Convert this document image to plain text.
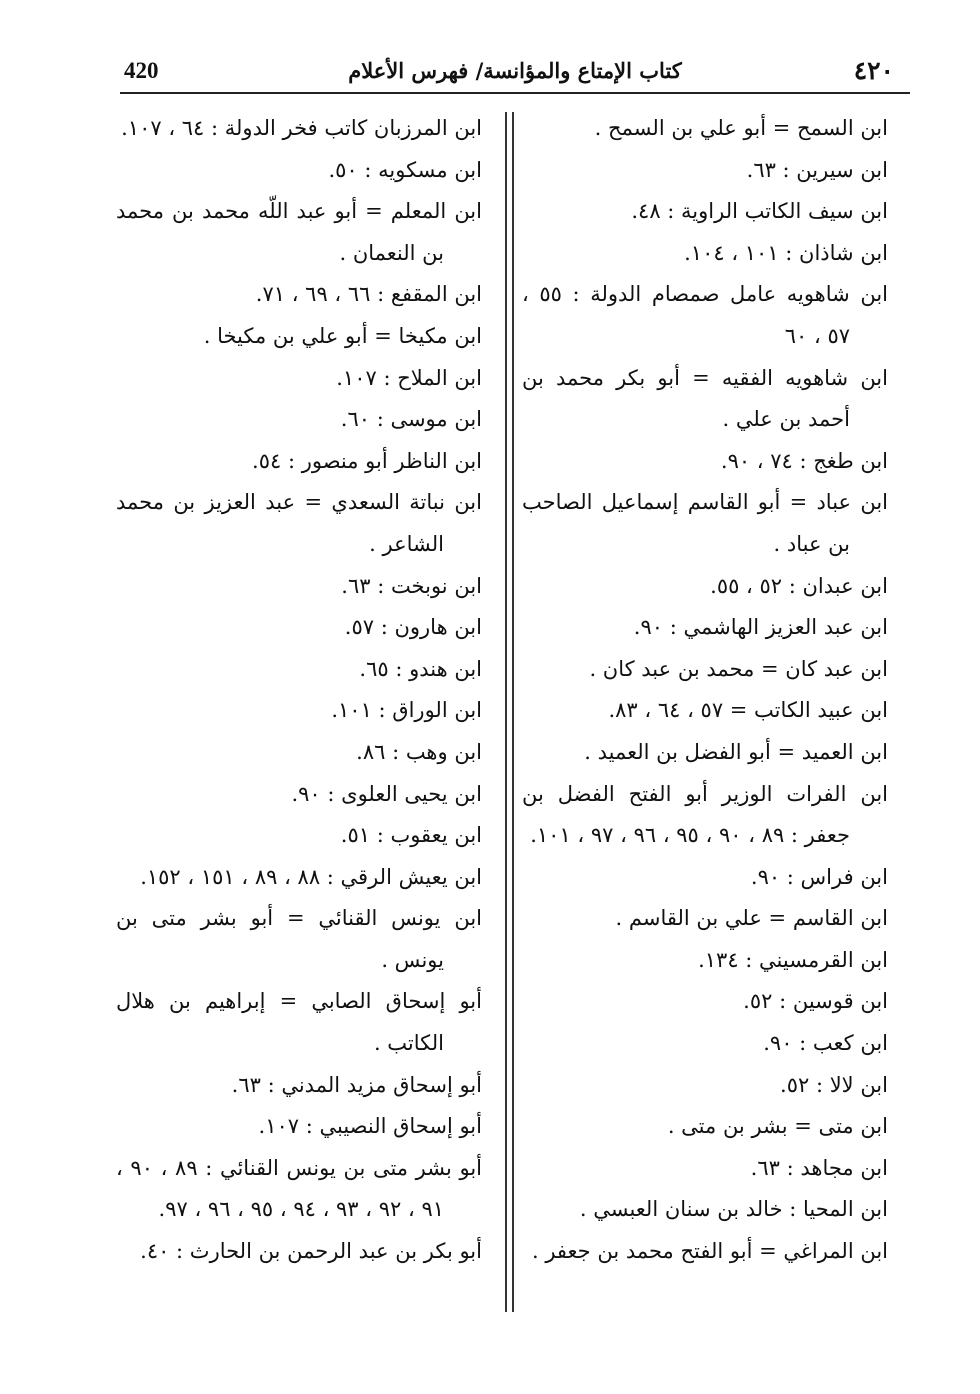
420	كتاب الإمتاع والمؤانسة/ فهرس الأعلام	٤٢٠

ابن السمح = أبو علي بن السمح .

ابن سيرين : ٦٣.

ابن سيف الكاتب الراوية : ٤٨.

ابن شاذان : ١٠١ ، ١٠٤.

ابن شاهويه عامل صمصام الدولة : ٥٥ ، ٥٧ ، ٦٠

ابن شاهويه الفقيه = أبو بكر محمد بن أحمد بن علي .

ابن طغج : ٧٤ ، ٩٠.

ابن عباد = أبو القاسم إسماعيل الصاحب بن عباد .

ابن عبدان : ٥٢ ، ٥٥.

ابن عبد العزيز الهاشمي : ٩٠.

ابن عبد كان = محمد بن عبد كان .

ابن عبيد الكاتب = ٥٧ ، ٦٤ ، ٨٣.

ابن العميد = أبو الفضل بن العميد .

ابن الفرات الوزير أبو الفتح الفضل بن جعفر : ٨٩ ، ٩٠ ، ٩٥ ، ٩٦ ، ٩٧ ، ١٠١.

ابن فراس : ٩٠.

ابن القاسم = علي بن القاسم .

ابن القرمسيني : ١٣٤.

ابن قوسين : ٥٢.

ابن كعب : ٩٠.

ابن لالا : ٥٢.

ابن متى = بشر بن متى .

ابن مجاهد : ٦٣.

ابن المحيا : خالد بن سنان العبسي .

ابن المراغي = أبو الفتح محمد بن جعفر .

ابن المرزبان كاتب فخر الدولة : ٦٤ ، ١٠٧.

ابن مسكويه : ٥٠.

ابن المعلم = أبو عبد اللّه محمد بن محمد بن النعمان .

ابن المقفع : ٦٦ ، ٦٩ ، ٧١.

ابن مكيخا = أبو علي بن مكيخا .

ابن الملاح : ١٠٧.

ابن موسى : ٦٠.

ابن الناظر أبو منصور : ٥٤.

ابن نباتة السعدي = عبد العزيز بن محمد الشاعر .

ابن نوبخت : ٦٣.

ابن هارون : ٥٧.

ابن هندو : ٦٥.

ابن الوراق : ١٠١.

ابن وهب : ٨٦.

ابن يحيى العلوى : ٩٠.

ابن يعقوب : ٥١.

ابن يعيش الرقي : ٨٨ ، ٨٩ ، ١٥١ ، ١٥٢.

ابن يونس القنائي = أبو بشر متى بن يونس .

أبو إسحاق الصابي = إبراهيم بن هلال الكاتب .

أبو إسحاق مزيد المدني : ٦٣.

أبو إسحاق النصيبي : ١٠٧.

أبو بشر متى بن يونس القنائي : ٨٩ ، ٩٠ ، ٩١ ، ٩٢ ، ٩٣ ، ٩٤ ، ٩٥ ، ٩٦ ، ٩٧.

أبو بكر بن عبد الرحمن بن الحارث : ٤٠.
